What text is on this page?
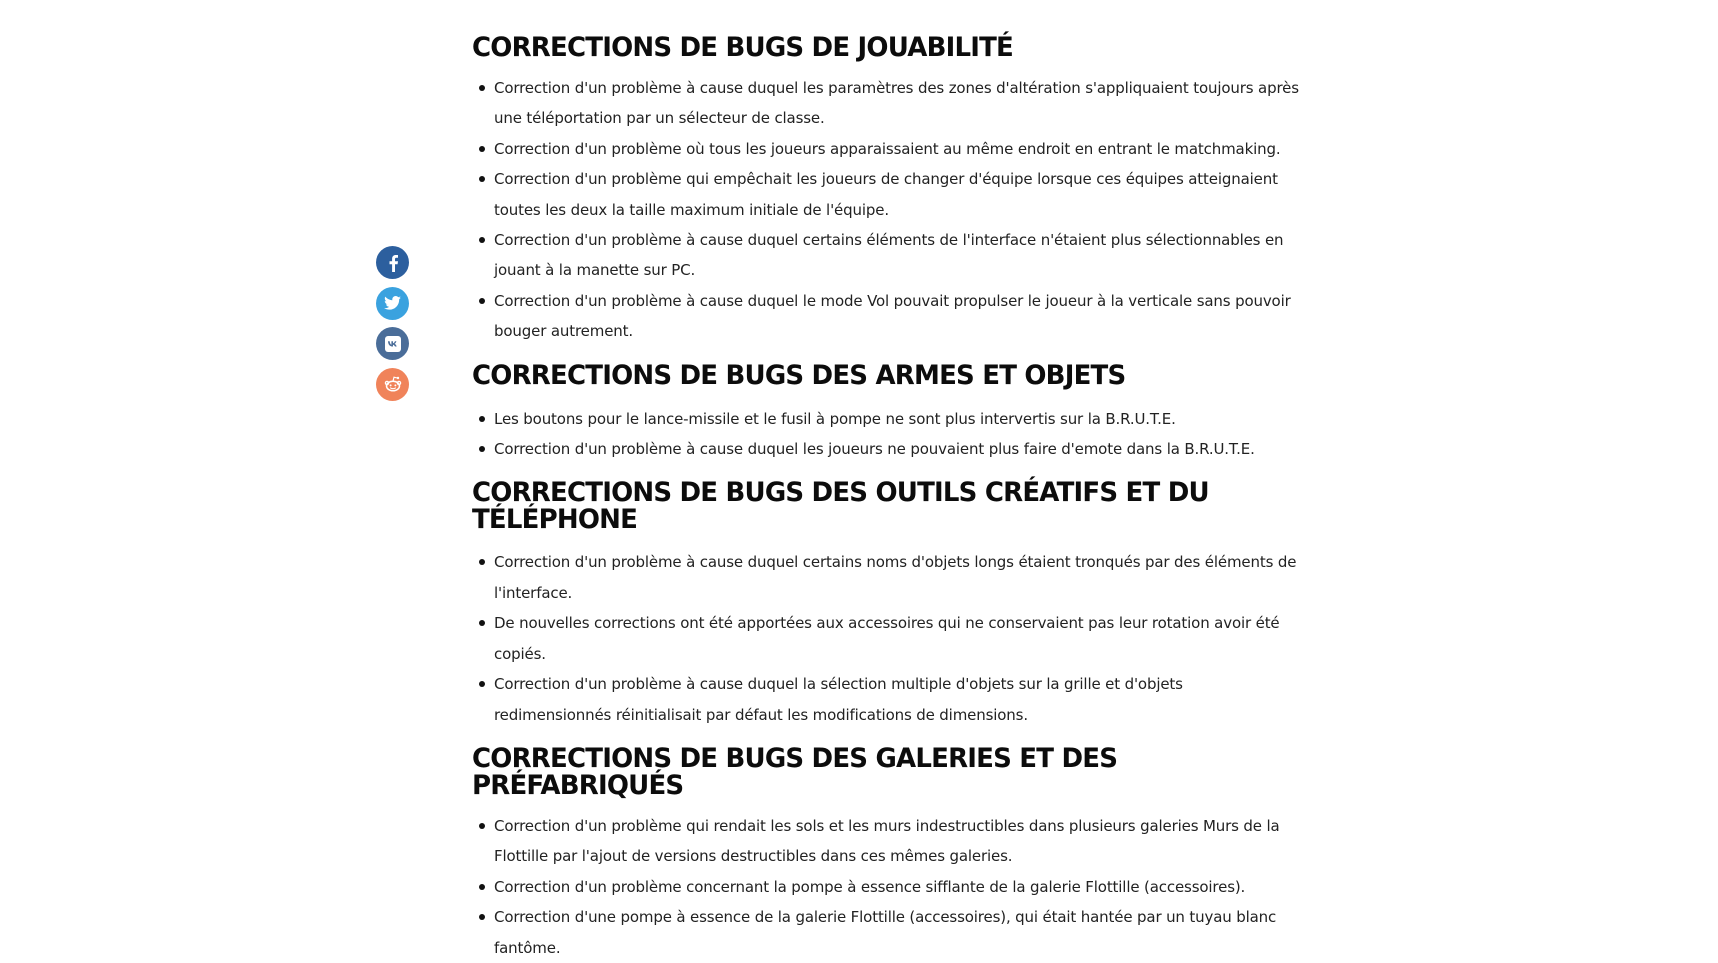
CORRECTIONS DE BUGS DE JOUABILITÉ
Correction d'un problème à cause duquel les paramètres des zones d'altération s'appliquaient toujours après une téléportation par un sélecteur de classe.
Correction d'un problème où tous les joueurs apparaissaient au même endroit en entrant le matchmaking.
Correction d'un problème qui empêchait les joueurs de changer d'équipe lorsque ces équipes atteignaient toutes les deux la taille maximum initiale de l'équipe.
Correction d'un problème à cause duquel certains éléments de l'interface n'étaient plus sélectionnables en jouant à la manette sur PC.
Correction d'un problème à cause duquel le mode Vol pouvait propulser le joueur à la verticale sans pouvoir bouger autrement.
CORRECTIONS DE BUGS DES ARMES ET OBJETS
Les boutons pour le lance-missile et le fusil à pompe ne sont plus intervertis sur la B.R.U.T.E.
Correction d'un problème à cause duquel les joueurs ne pouvaient plus faire d'emote dans la B.R.U.T.E.
CORRECTIONS DE BUGS DES OUTILS CRÉATIFS ET DU TÉLÉPHONE
Correction d'un problème à cause duquel certains noms d'objets longs étaient tronqués par des éléments de l'interface.
De nouvelles corrections ont été apportées aux accessoires qui ne conservaient pas leur rotation avoir été copiés.
Correction d'un problème à cause duquel la sélection multiple d'objets sur la grille et d'objets redimensionnés réinitialisait par défaut les modifications de dimensions.
CORRECTIONS DE BUGS DES GALERIES ET DES PRÉFABRIQUÉS
Correction d'un problème qui rendait les sols et les murs indestructibles dans plusieurs galeries Murs de la Flottille par l'ajout de versions destructibles dans ces mêmes galeries.
Correction d'un problème concernant la pompe à essence sifflante de la galerie Flottille (accessoires).
Correction d'une pompe à essence de la galerie Flottille (accessoires), qui était hantée par un tuyau blanc fantôme.
